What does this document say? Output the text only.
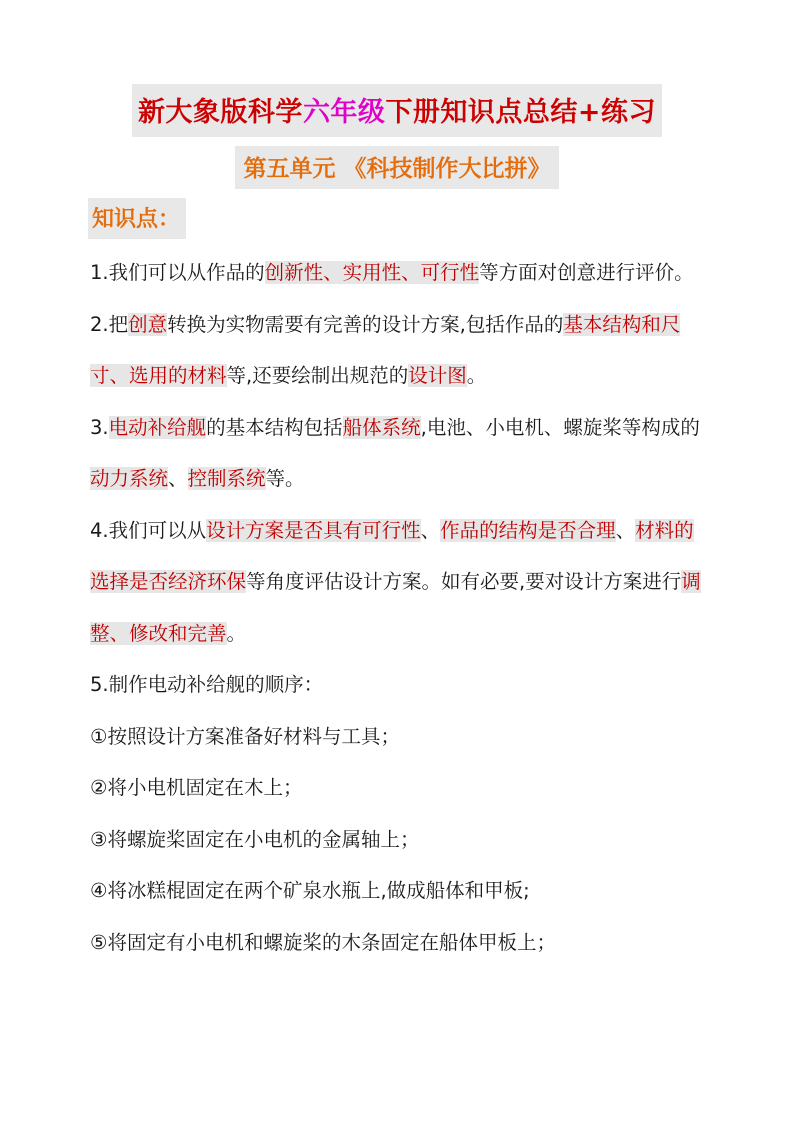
新大象版科学六年级下册知识点总结+练习
第五单元 《科技制作大比拼》
知识点：

1.我们可以从作品的创新性、实用性、可行性等方面对创意进行评价。

2.把创意转换为实物需要有完善的设计方案,包括作品的基本结构和尺寸、选用的材料等,还要绘制出规范的设计图。

3.电动补给舰的基本结构包括船体系统,电池、小电机、螺旋桨等构成的动力系统、控制系统等。

4.我们可以从设计方案是否具有可行性、作品的结构是否合理、材料的选择是否经济环保等角度评估设计方案。如有必要,要对设计方案进行调整、修改和完善。

5.制作电动补给舰的顺序：

①按照设计方案准备好材料与工具；

②将小电机固定在木上；

③将螺旋桨固定在小电机的金属轴上；

④将冰糕棍固定在两个矿泉水瓶上,做成船体和甲板;

⑤将固定有小电机和螺旋桨的木条固定在船体甲板上；
